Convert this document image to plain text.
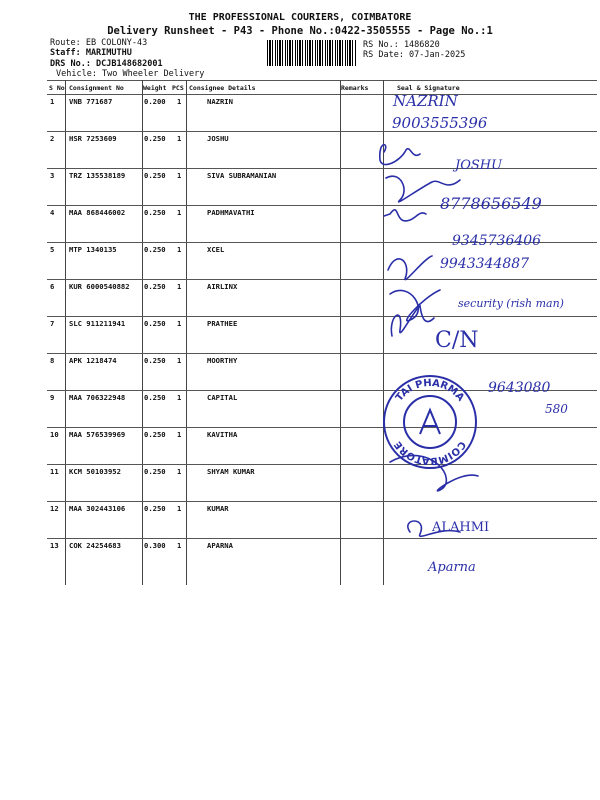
THE PROFESSIONAL COURIERS, COIMBATORE
Delivery Runsheet - P43 - Phone No.:0422-3505555 - Page No.:1
Route: EB COLONY-43
Staff: MARIMUTHU
DRS No.: DCJB148682001
Vehicle: Two Wheeler Delivery
RS No.: 1486820
RS Date: 07-Jan-2025
S No Consignment No	Weight PCS Consignee Details	Remarks	Seal & Signature
1 VNB 771687	0.200 1	NAZRIN
2 HSR 7253609	0.250 1	JOSHU
3 TRZ 135538189	0.250 1	SIVA SUBRAMANIAN
4 MAA 868446002	0.250 1	PADHMAVATHI
5 MTP 1340135	0.250 1	XCEL
6 KUR 6000540882 0.250 1	AIRLINX
7 SLC 911211941	0.250 1	PRATHEE
8 APK 1218474	0.250 1	MOORTHY
9 MAA 706322948	0.250 1	CAPITAL
10 MAA 576539969	0.250 1	KAVITHA
11 KCM 50103952	0.250 1	SHYAM KUMAR
12 MAA 302443106	0.250 1	KUMAR
13 COK 24254683	0.300 1	APARNA
NAZRIN
9003555396
JOSHU
8778656549
9345736406
9943344887
security (rish man)
C/N
9643080
580
ALAHMI
Aparna
TAI PHARMA
COIMBATORE
